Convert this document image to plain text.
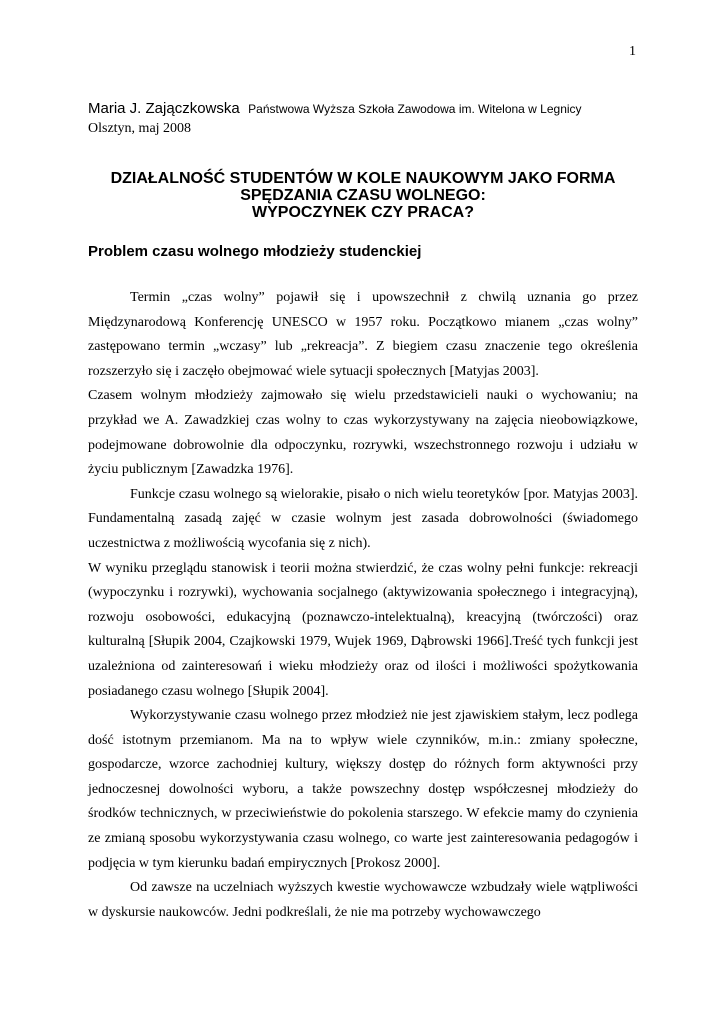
1
Maria J. Zajączkowska Państwowa Wyższa Szkoła Zawodowa im. Witelona w Legnicy
Olsztyn, maj 2008
DZIAŁALNOŚĆ STUDENTÓW W KOLE NAUKOWYM JAKO FORMA
SPĘDZANIA CZASU WOLNEGO:
WYPOCZYNEK CZY PRACA?
Problem czasu wolnego młodzieży studenckiej

Termin „czas wolny” pojawił się i upowszechnił z chwilą uznania go przez Międzynarodową Konferencję UNESCO w 1957 roku. Początkowo mianem „czas wolny” zastępowano termin „wczasy” lub „rekreacja”. Z biegiem czasu znaczenie tego określenia rozszerzyło się i zaczęło obejmować wiele sytuacji społecznych [Matyjas 2003].

Czasem wolnym młodzieży zajmowało się wielu przedstawicieli nauki o wychowaniu; na przykład we A. Zawadzkiej czas wolny to czas wykorzystywany na zajęcia nieobowiązkowe, podejmowane dobrowolnie dla odpoczynku, rozrywki, wszechstronnego rozwoju i udziału w życiu publicznym [Zawadzka 1976].

Funkcje czasu wolnego są wielorakie, pisało o nich wielu teoretyków [por. Matyjas 2003]. Fundamentalną zasadą zajęć w czasie wolnym jest zasada dobrowolności (świadomego uczestnictwa z możliwością wycofania się z nich).

W wyniku przeglądu stanowisk i teorii można stwierdzić, że czas wolny pełni funkcje: rekreacji (wypoczynku i rozrywki), wychowania socjalnego (aktywizowania społecznego i integracyjną), rozwoju osobowości, edukacyjną (poznawczo-intelektualną), kreacyjną (twórczości) oraz kulturalną [Słupik 2004, Czajkowski 1979, Wujek 1969, Dąbrowski 1966].Treść tych funkcji jest uzależniona od zainteresowań i wieku młodzieży oraz od ilości i możliwości spożytkowania posiadanego czasu wolnego [Słupik 2004].

Wykorzystywanie czasu wolnego przez młodzież nie jest zjawiskiem stałym, lecz podlega dość istotnym przemianom. Ma na to wpływ wiele czynników, m.in.: zmiany społeczne, gospodarcze, wzorce zachodniej kultury, większy dostęp do różnych form aktywności przy jednoczesnej dowolności wyboru, a także powszechny dostęp współczesnej młodzieży do środków technicznych, w przeciwieństwie do pokolenia starszego. W efekcie mamy do czynienia ze zmianą sposobu wykorzystywania czasu wolnego, co warte jest zainteresowania pedagogów i podjęcia w tym kierunku badań empirycznych [Prokosz 2000].

Od zawsze na uczelniach wyższych kwestie wychowawcze wzbudzały wiele wątpliwości w dyskursie naukowców. Jedni podkreślali, że nie ma potrzeby wychowawczego
